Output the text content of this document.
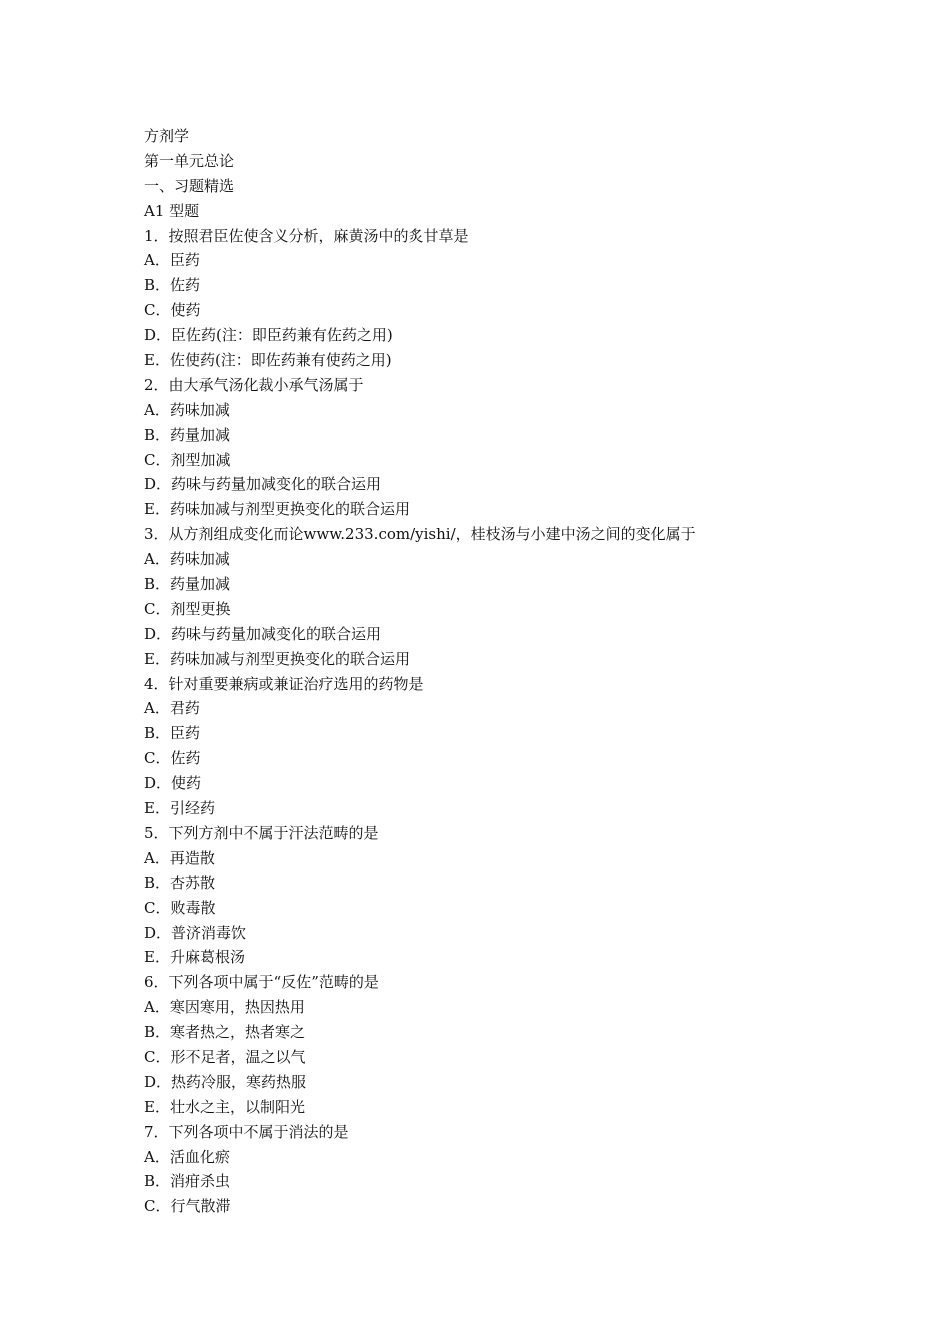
方剂学
第一单元总论
一、习题精选
A1 型题
1．按照君臣佐使含义分析，麻黄汤中的炙甘草是
A．臣药
B．佐药
C．使药
D．臣佐药(注：即臣药兼有佐药之用)
E．佐使药(注：即佐药兼有使药之用)
2．由大承气汤化裁小承气汤属于
A．药味加减
B．药量加减
C．剂型加减
D．药味与药量加减变化的联合运用
E．药味加减与剂型更换变化的联合运用
3．从方剂组成变化而论www.233.com/yishi/，桂枝汤与小建中汤之间的变化属于
A．药味加减
B．药量加减
C．剂型更换
D．药味与药量加减变化的联合运用
E．药味加减与剂型更换变化的联合运用
4．针对重要兼病或兼证治疗选用的药物是
A．君药
B．臣药
C．佐药
D．使药
E．引经药
5．下列方剂中不属于汗法范畴的是
A．再造散
B．杏苏散
C．败毒散
D．普济消毒饮
E．升麻葛根汤
6．下列各项中属于“反佐”范畴的是
A．寒因寒用，热因热用
B．寒者热之，热者寒之
C．形不足者，温之以气
D．热药冷服，寒药热服
E．壮水之主，以制阳光
7．下列各项中不属于消法的是
A．活血化瘀
B．消疳杀虫
C．行气散滞
